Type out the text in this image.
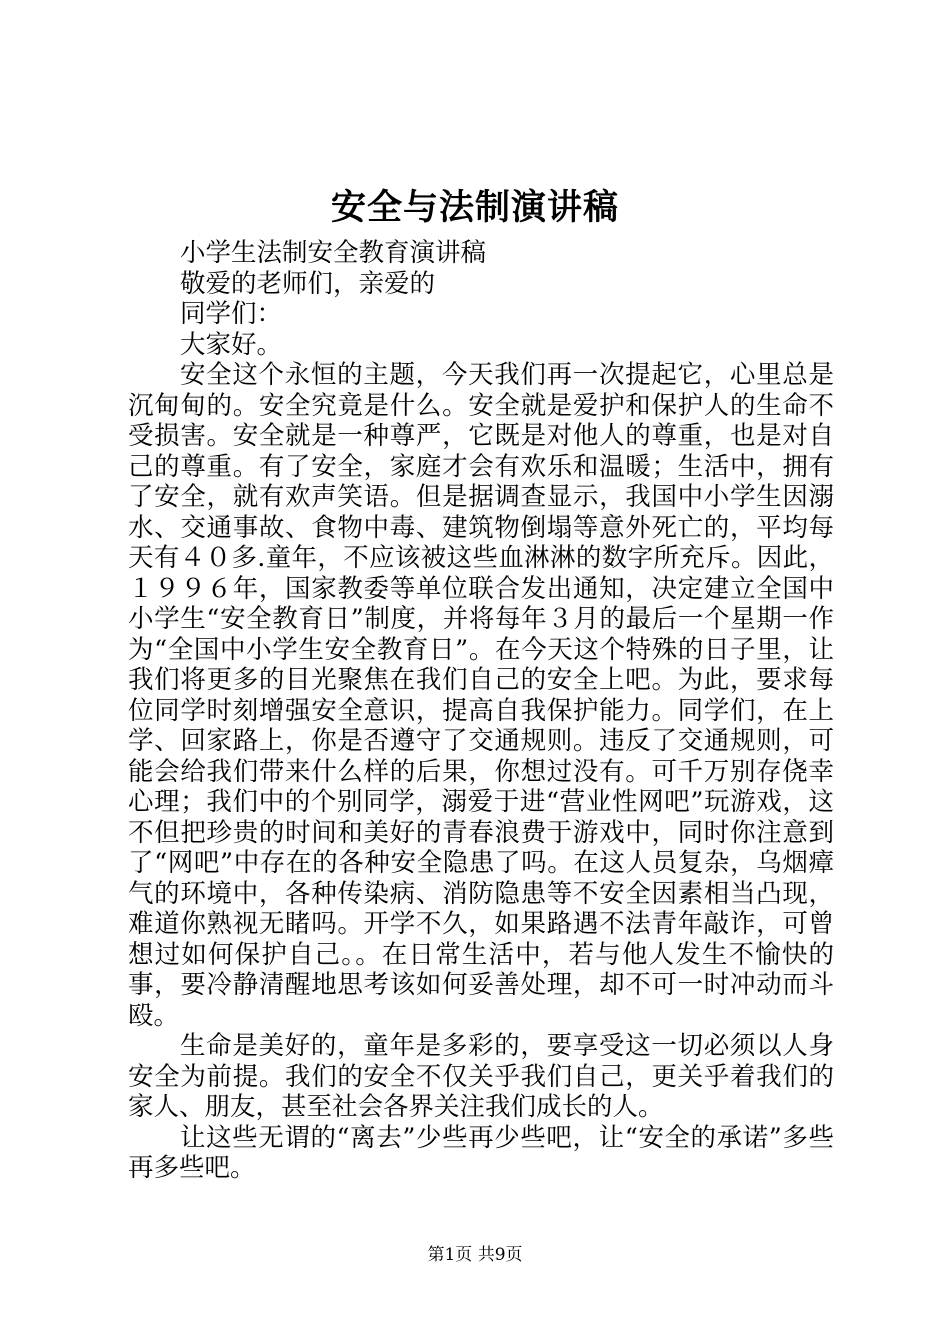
安全与法制演讲稿

小学生法制安全教育演讲稿

敬爱的老师们，亲爱的

同学们：

大家好。

安全这个永恒的主题，今天我们再一次提起它，心里总是沉甸甸的。安全究竟是什么。安全就是爱护和保护人的生命不受损害。安全就是一种尊严，它既是对他人的尊重，也是对自己的尊重。有了安全，家庭才会有欢乐和温暖；生活中，拥有了安全，就有欢声笑语。但是据调查显示，我国中小学生因溺水、交通事故、食物中毒、建筑物倒塌等意外死亡的，平均每天有４０多.童年，不应该被这些血淋淋的数字所充斥。因此，１９９６年，国家教委等单位联合发出通知，决定建立全国中小学生“安全教育日”制度，并将每年３月的最后一个星期一作为“全国中小学生安全教育日”。在今天这个特殊的日子里，让我们将更多的目光聚焦在我们自己的安全上吧。为此，要求每位同学时刻增强安全意识，提高自我保护能力。同学们，在上学、回家路上，你是否遵守了交通规则。违反了交通规则，可能会给我们带来什么样的后果，你想过没有。可千万别存侥幸心理；我们中的个别同学，溺爱于进“营业性网吧”玩游戏，这不但把珍贵的时间和美好的青春浪费于游戏中，同时你注意到了“网吧”中存在的各种安全隐患了吗。在这人员复杂，乌烟瘴气的环境中，各种传染病、消防隐患等不安全因素相当凸现，难道你熟视无睹吗。开学不久，如果路遇不法青年敲诈，可曾想过如何保护自己。。在日常生活中，若与他人发生不愉快的事，要冷静清醒地思考该如何妥善处理，却不可一时冲动而斗殴。

生命是美好的，童年是多彩的，要享受这一切必须以人身安全为前提。我们的安全不仅关乎我们自己，更关乎着我们的家人、朋友，甚至社会各界关注我们成长的人。

让这些无谓的“离去”少些再少些吧，让“安全的承诺”多些再多些吧。

第1页 共9页
